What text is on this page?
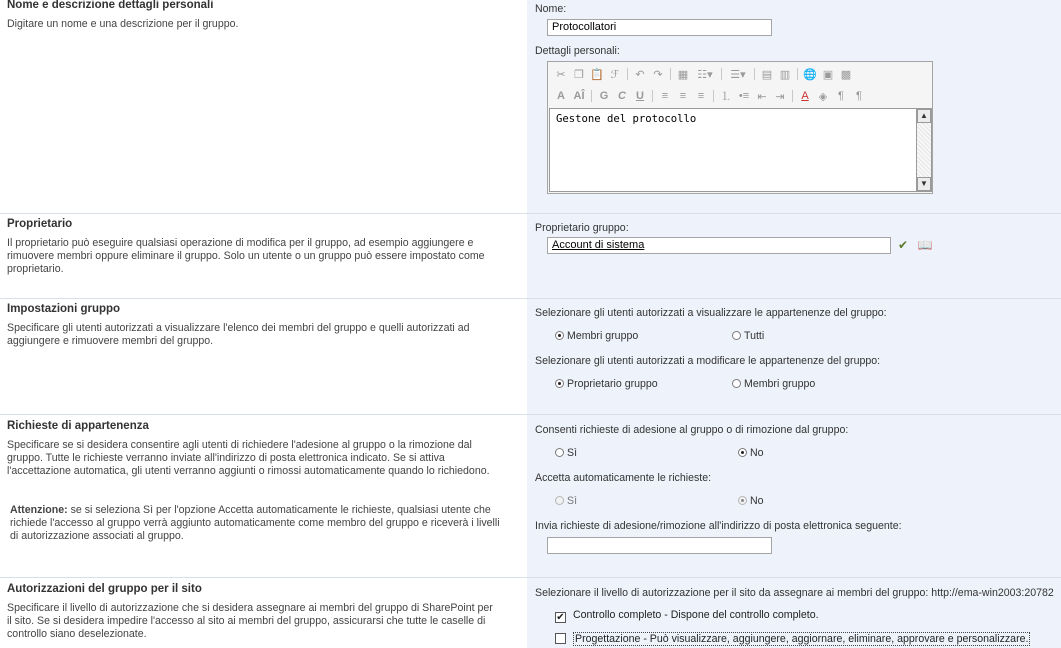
Nome e descrizione dettagli personali
Digitare un nome e una descrizione per il gruppo.
Nome:
Protocollatori
Dettagli personali:
✂ ❐ 📋 ℱ	↶ ↷	▦ ☷▾	☰▾	▤ ▥	🌐 ▣ ▩
A AÎ	G C U	≡	≡	≡	⒈ •≡ ⇤ ⇥	A ◈ ¶	¶
Gestone del protocollo	▲
▼
Proprietario
Il proprietario può eseguire qualsiasi operazione di modifica per il gruppo, ad esempio aggiungere e rimuovere membri oppure eliminare il gruppo. Solo un utente o un gruppo può essere impostato come proprietario.
Proprietario gruppo:
Account di sistema	✔ 📖
Impostazioni gruppo
Specificare gli utenti autorizzati a visualizzare l'elenco dei membri del gruppo e quelli autorizzati ad aggiungere e rimuovere membri del gruppo.
Selezionare gli utenti autorizzati a visualizzare le appartenenze del gruppo:
Membri gruppo	Tutti
Selezionare gli utenti autorizzati a modificare le appartenenze del gruppo:
Proprietario gruppo	Membri gruppo
Richieste di appartenenza
Specificare se si desidera consentire agli utenti di richiedere l'adesione al gruppo o la rimozione dal gruppo. Tutte le richieste verranno inviate all'indirizzo di posta elettronica indicato. Se si attiva l'accettazione automatica, gli utenti verranno aggiunti o rimossi automaticamente quando lo richiedono.
Attenzione: se si seleziona Sì per l'opzione Accetta automaticamente le richieste, qualsiasi utente che richiede l'accesso al gruppo verrà aggiunto automaticamente come membro del gruppo e riceverà i livelli di autorizzazione associati al gruppo.
Consenti richieste di adesione al gruppo o di rimozione dal gruppo:
Sì	No
Accetta automaticamente le richieste:
Sì	No
Invia richieste di adesione/rimozione all'indirizzo di posta elettronica seguente:
Autorizzazioni del gruppo per il sito
Specificare il livello di autorizzazione che si desidera assegnare ai membri del gruppo di SharePoint per il sito. Se si desidera impedire l'accesso al sito ai membri del gruppo, assicurarsi che tutte le caselle di controllo siano deselezionate.
Selezionare il livello di autorizzazione per il sito da assegnare ai membri del gruppo: http://ema-win2003:20782
✔ Controllo completo - Dispone del controllo completo.
Progettazione - Può visualizzare, aggiungere, aggiornare, eliminare, approvare e personalizzare.
